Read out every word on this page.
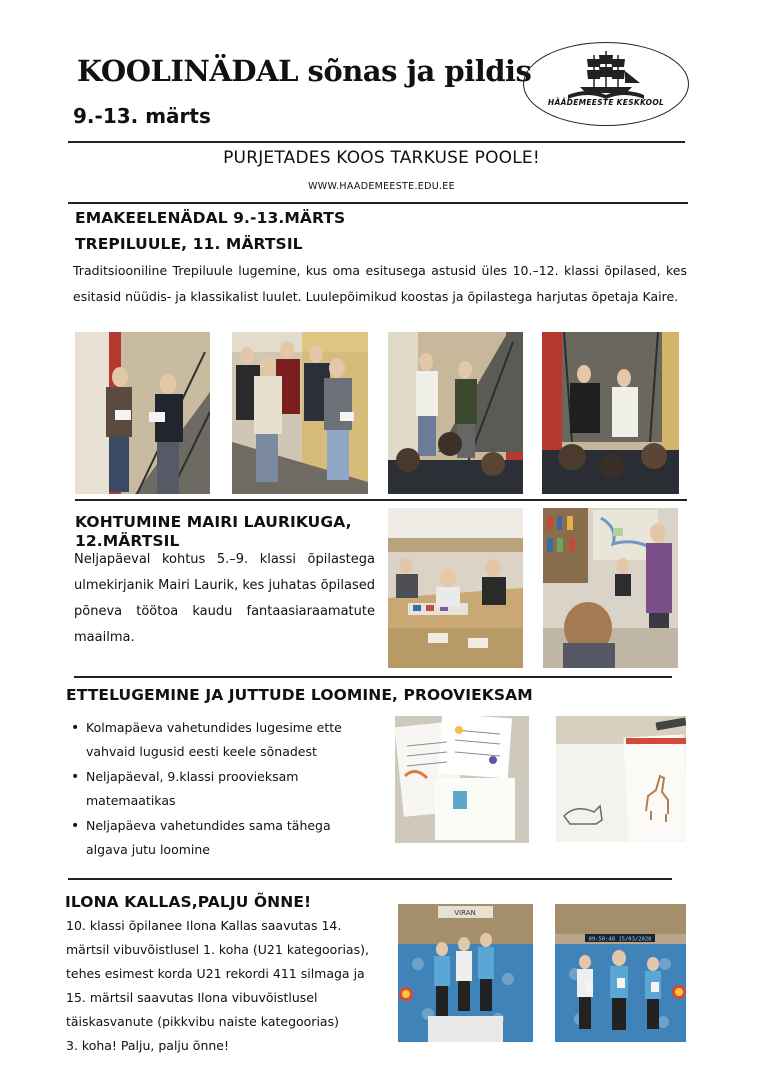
KOOLINÄDAL sõnas ja pildis
9.-13. märts
HÄÄDEMEESTE KESKKOOL
PURJETADES KOOS TARKUSE POOLE!
WWW.HAADEMEESTE.EDU.EE
EMAKEELENÄDAL 9.-13.MÄRTS
TREPILUULE, 11. MÄRTSIL
Traditsiooniline Trepiluule lugemine, kus oma esitusega astusid üles 10.–12. klassi õpilased, kes esitasid nüüdis- ja klassikalist luulet. Luulepõimikud koostas ja õpilastega harjutas õpetaja Kaire.
KOHTUMINE MAIRI LAURIKUGA,
12.MÄRTSIL
Neljapäeval kohtus 5.–9. klassi õpilastega ulmekirjanik Mairi Laurik, kes juhatas õpilased põneva töötoa kaudu fantaasiaraamatute maailma.
ETTELUGEMINE JA JUTTUDE LOOMINE, PROOVIEKSAM
• Kolmapäeva vahetundides lugesime ette vahvaid lugusid eesti keele sõnadest
• Neljapäeval, 9.klassi proovieksam matemaatikas
• Neljapäeva vahetundides sama tähega algava jutu loomine
ILONA KALLAS,PALJU ÕNNE!
10. klassi õpilanee Ilona Kallas saavutas 14.
märtsil vibuvõistlusel 1. koha (U21 kategoorias),
tehes esimest korda U21 rekordi 411 silmaga ja
15. märtsil saavutas Ilona vibuvõistlusel
täiskasvanute (pikkvibu naiste kategoorias)
3. koha! Palju, palju õnne!
VIRAN
09:50:48 15/03/2020
